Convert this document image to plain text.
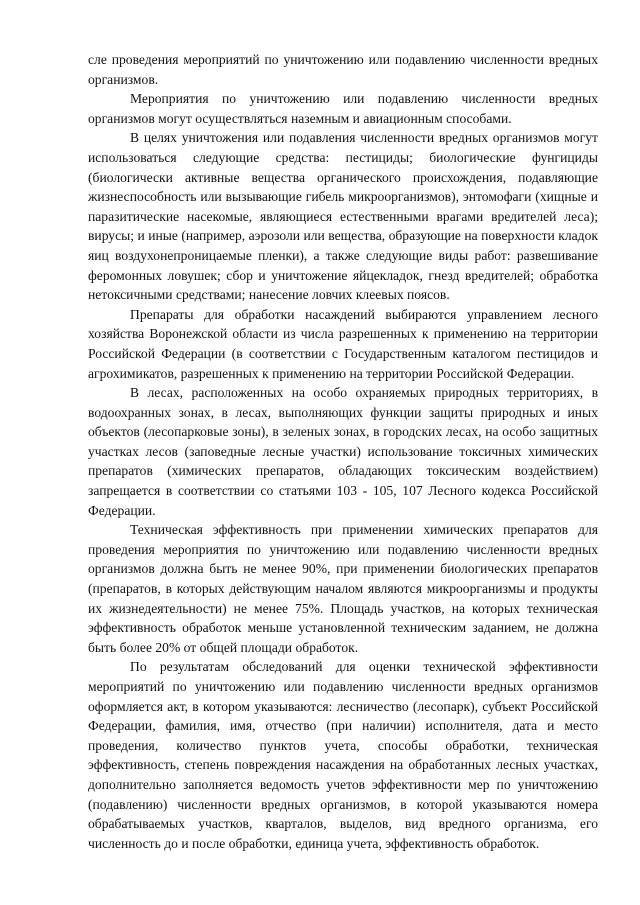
сле проведения мероприятий по уничтожению или подавлению численности вредных организмов.

Мероприятия по уничтожению или подавлению численности вредных организмов могут осуществляться наземным и авиационным способами.

В целях уничтожения или подавления численности вредных организмов могут использоваться следующие средства: пестициды; биологические фунгициды (биологически активные вещества органического происхождения, подавляющие жизнеспособность или вызывающие гибель микроорганизмов), энтомофаги (хищные и паразитические насекомые, являющиеся естественными врагами вредителей леса); вирусы; и иные (например, аэрозоли или вещества, образующие на поверхности кладок яиц воздухонепроницаемые пленки), а также следующие виды работ: развешивание феромонных ловушек; сбор и уничтожение яйцекладок, гнезд вредителей; обработка нетоксичными средствами; нанесение ловчих клеевых поясов.

Препараты для обработки насаждений выбираются управлением лесного хозяйства Воронежской области из числа разрешенных к применению на территории Российской Федерации (в соответствии с Государственным каталогом пестицидов и агрохимикатов, разрешенных к применению на территории Российской Федерации.

В лесах, расположенных на особо охраняемых природных территориях, в водоохранных зонах, в лесах, выполняющих функции защиты природных и иных объектов (лесопарковые зоны), в зеленых зонах, в городских лесах, на особо защитных участках лесов (заповедные лесные участки) использование токсичных химических препаратов (химических препаратов, обладающих токсическим воздействием) запрещается в соответствии со статьями 103 - 105, 107 Лесного кодекса Российской Федерации.

Техническая эффективность при применении химических препаратов для проведения мероприятия по уничтожению или подавлению численности вредных организмов должна быть не менее 90%, при применении биологических препаратов (препаратов, в которых действующим началом являются микроорганизмы и продукты их жизнедеятельности) не менее 75%. Площадь участков, на которых техническая эффективность обработок меньше установленной техническим заданием, не должна быть более 20% от общей площади обработок.

По результатам обследований для оценки технической эффективности мероприятий по уничтожению или подавлению численности вредных организмов оформляется акт, в котором указываются: лесничество (лесопарк), субъект Российской Федерации, фамилия, имя, отчество (при наличии) исполнителя, дата и место проведения, количество пунктов учета, способы обработки, техническая эффективность, степень повреждения насаждения на обработанных лесных участках, дополнительно заполняется ведомость учетов эффективности мер по уничтожению (подавлению) численности вредных организмов, в которой указываются номера обрабатываемых участков, кварталов, выделов, вид вредного организма, его численность до и после обработки, единица учета, эффективность обработок.
